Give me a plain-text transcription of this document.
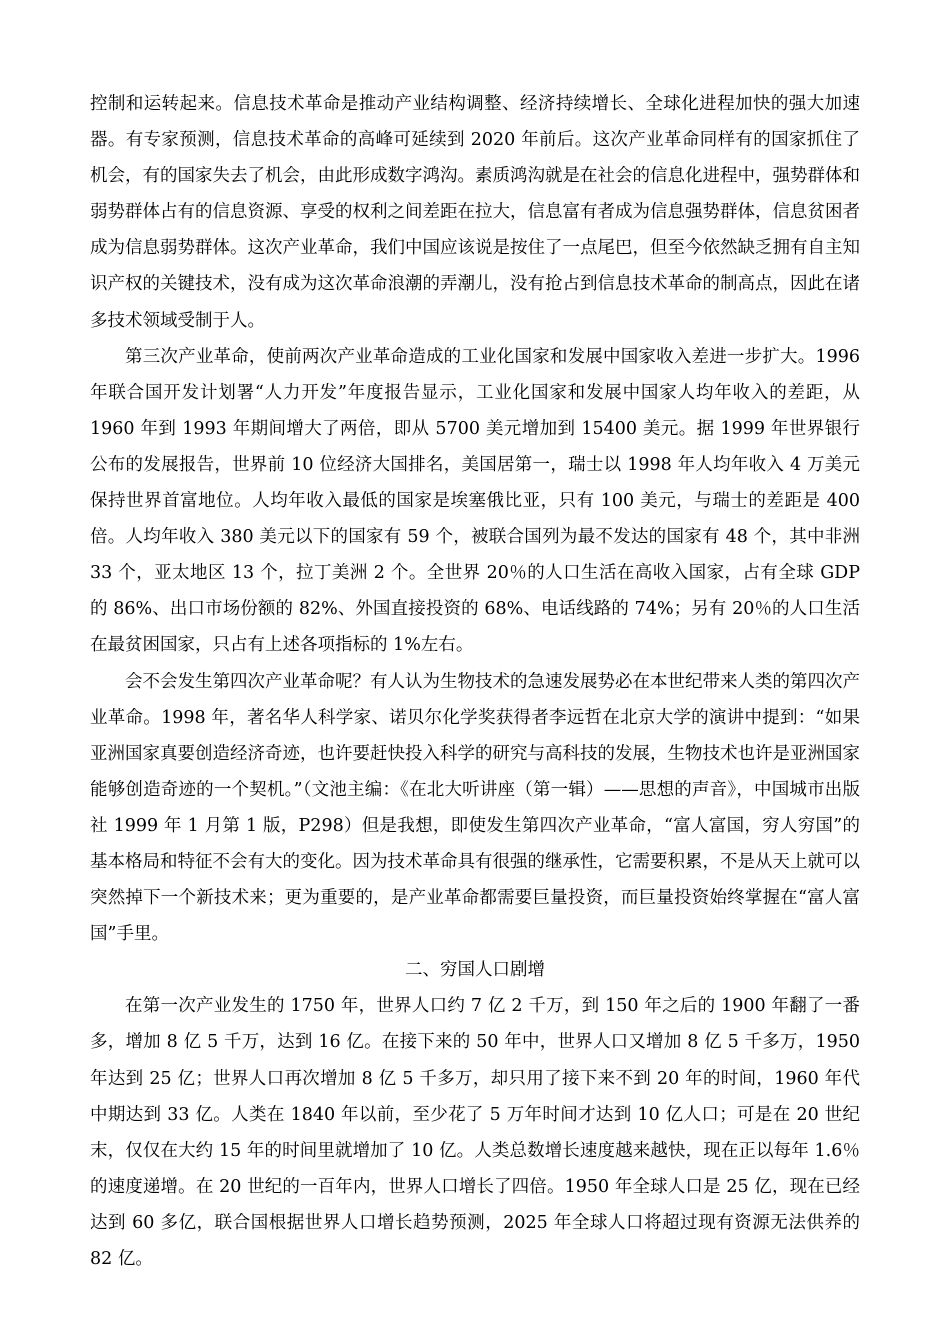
控制和运转起来。信息技术革命是推动产业结构调整、经济持续增长、全球化进程加快的强大加速器。有专家预测，信息技术革命的高峰可延续到 2020 年前后。这次产业革命同样有的国家抓住了机会，有的国家失去了机会，由此形成数字鸿沟。素质鸿沟就是在社会的信息化进程中，强势群体和弱势群体占有的信息资源、享受的权利之间差距在拉大，信息富有者成为信息强势群体，信息贫困者成为信息弱势群体。这次产业革命，我们中国应该说是按住了一点尾巴，但至今依然缺乏拥有自主知识产权的关键技术，没有成为这次革命浪潮的弄潮儿，没有抢占到信息技术革命的制高点，因此在诸多技术领域受制于人。

第三次产业革命，使前两次产业革命造成的工业化国家和发展中国家收入差进一步扩大。1996 年联合国开发计划署“人力开发”年度报告显示，工业化国家和发展中国家人均年收入的差距，从 1960 年到 1993 年期间增大了两倍，即从 5700 美元增加到 15400 美元。据 1999 年世界银行公布的发展报告，世界前 10 位经济大国排名，美国居第一，瑞士以 1998 年人均年收入 4 万美元保持世界首富地位。人均年收入最低的国家是埃塞俄比亚，只有 100 美元，与瑞士的差距是 400 倍。人均年收入 380 美元以下的国家有 59 个，被联合国列为最不发达的国家有 48 个，其中非洲 33 个，亚太地区 13 个，拉丁美洲 2 个。全世界 20％的人口生活在高收入国家，占有全球 GDP 的 86%、出口市场份额的 82%、外国直接投资的 68%、电话线路的 74%；另有 20％的人口生活在最贫困国家，只占有上述各项指标的 1%左右。

会不会发生第四次产业革命呢？有人认为生物技术的急速发展势必在本世纪带来人类的第四次产业革命。1998 年，著名华人科学家、诺贝尔化学奖获得者李远哲在北京大学的演讲中提到：“如果亚洲国家真要创造经济奇迹，也许要赶快投入科学的研究与高科技的发展，生物技术也许是亚洲国家能够创造奇迹的一个契机。”（文池主编：《在北大听讲座（第一辑）——思想的声音》，中国城市出版社 1999 年 1 月第 1 版，P298）但是我想，即使发生第四次产业革命，“富人富国，穷人穷国”的基本格局和特征不会有大的变化。因为技术革命具有很强的继承性，它需要积累，不是从天上就可以突然掉下一个新技术来；更为重要的，是产业革命都需要巨量投资，而巨量投资始终掌握在“富人富国”手里。

二、穷国人口剧增

在第一次产业发生的 1750 年，世界人口约 7 亿 2 千万，到 150 年之后的 1900 年翻了一番多，增加 8 亿 5 千万，达到 16 亿。在接下来的 50 年中，世界人口又增加 8 亿 5 千多万，1950 年达到 25 亿；世界人口再次增加 8 亿 5 千多万，却只用了接下来不到 20 年的时间，1960 年代中期达到 33 亿。人类在 1840 年以前，至少花了 5 万年时间才达到 10 亿人口；可是在 20 世纪末，仅仅在大约 15 年的时间里就增加了 10 亿。人类总数增长速度越来越快，现在正以每年 1.6％的速度递增。在 20 世纪的一百年内，世界人口增长了四倍。1950 年全球人口是 25 亿，现在已经达到 60 多亿，联合国根据世界人口增长趋势预测，2025 年全球人口将超过现有资源无法供养的 82 亿。
